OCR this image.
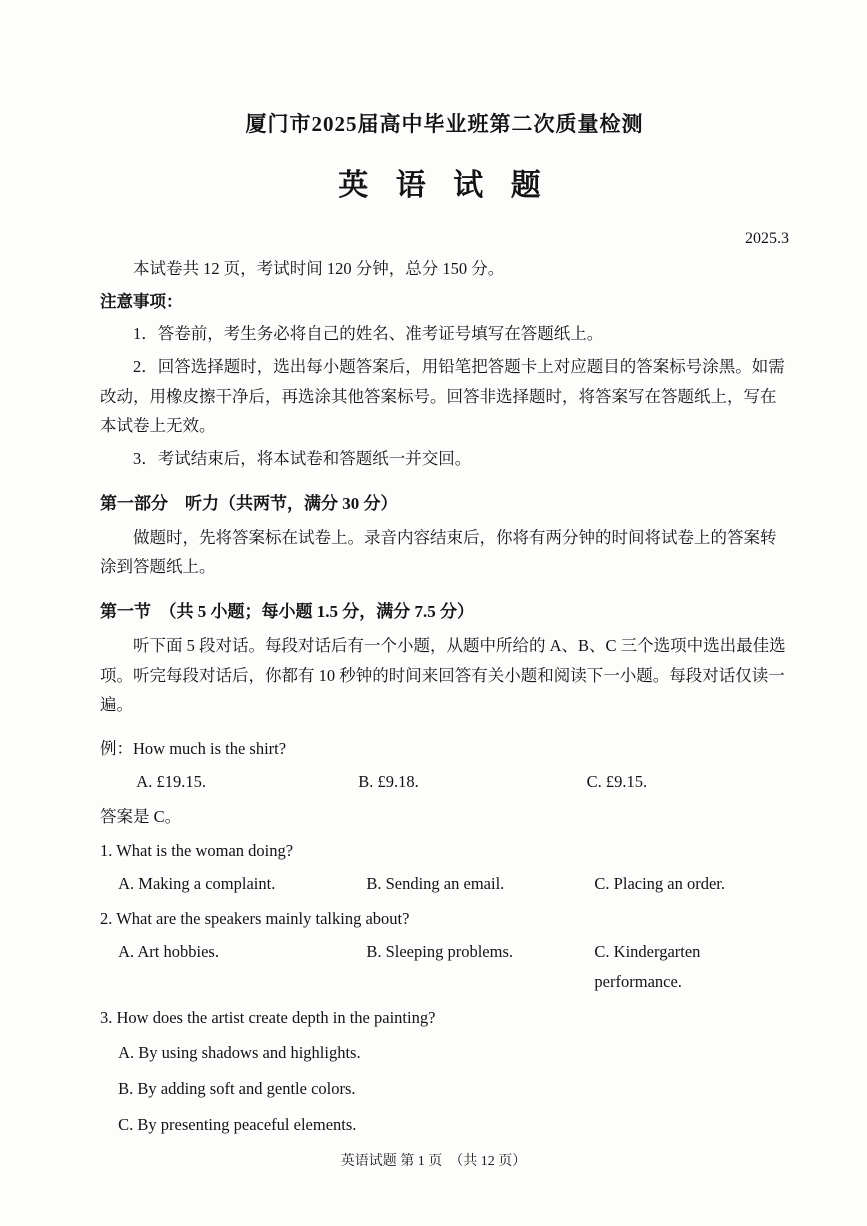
厦门市2025届高中毕业班第二次质量检测
英 语 试 题
2025.3

本试卷共 12 页，考试时间 120 分钟，总分 150 分。

注意事项：

1．答卷前，考生务必将自己的姓名、准考证号填写在答题纸上。

2．回答选择题时，选出每小题答案后，用铅笔把答题卡上对应题目的答案标号涂黑。如需改动，用橡皮擦干净后，再选涂其他答案标号。回答非选择题时，将答案写在答题纸上，写在本试卷上无效。

3．考试结束后，将本试卷和答题纸一并交回。

第一部分　听力（共两节，满分 30 分）

做题时，先将答案标在试卷上。录音内容结束后，你将有两分钟的时间将试卷上的答案转涂到答题纸上。

第一节　（共 5 小题；每小题 1.5 分，满分 7.5 分）

听下面 5 段对话。每段对话后有一个小题，从题中所给的 A、B、C 三个选项中选出最佳选项。听完每段对话后，你都有 10 秒钟的时间来回答有关小题和阅读下一小题。每段对话仅读一遍。

例：How much is the shirt?

A. £19.15.	B. £9.18.	C. £9.15.

答案是 C。

1. What is the woman doing?

A. Making a complaint.	B. Sending an email.	C. Placing an order.

2. What are the speakers mainly talking about?

A. Art hobbies.	B. Sleeping problems.	C. Kindergarten performance.

3. How does the artist create depth in the painting?

A. By using shadows and highlights.

B. By adding soft and gentle colors.

C. By presenting peaceful elements.

英语试题 第 1 页　（共 12 页）
